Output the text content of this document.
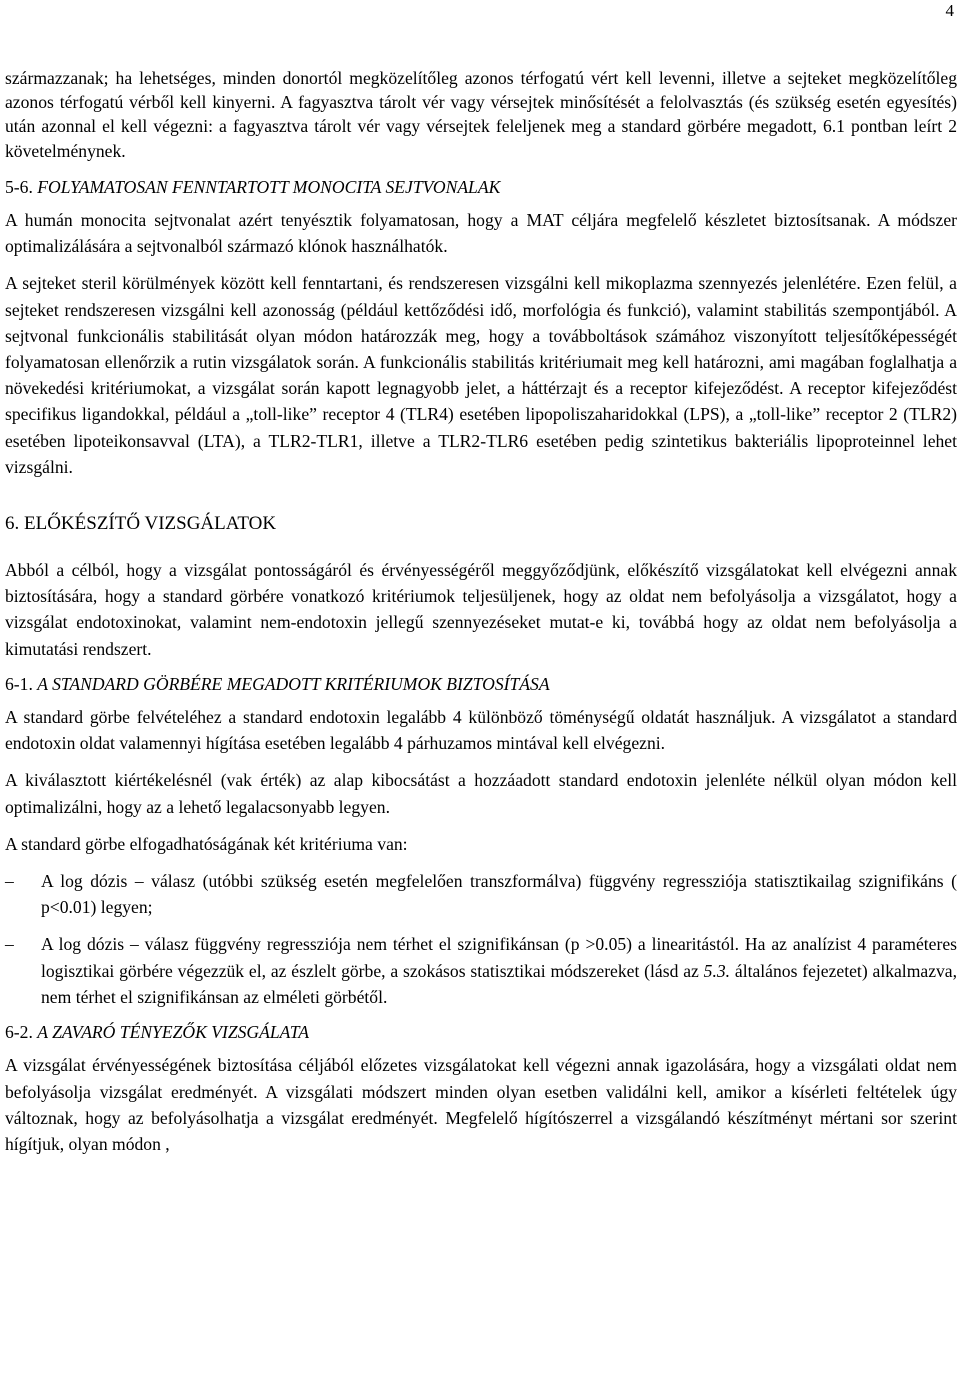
4

származzanak; ha lehetséges, minden donortól megközelítőleg azonos térfogatú vért kell levenni, illetve a sejteket megközelítőleg azonos térfogatú vérből kell kinyerni. A fagyasztva tárolt vér vagy vérsejtek minősítését a felolvasztás (és szükség esetén egyesítés) után azonnal el kell végezni: a fagyasztva tárolt vér vagy vérsejtek feleljenek meg a standard görbére megadott, 6.1 pontban leírt 2 követelménynek.

5-6. FOLYAMATOSAN FENNTARTOTT MONOCITA SEJTVONALAK

A humán monocita sejtvonalat azért tenyésztik folyamatosan, hogy a MAT céljára megfelelő készletet biztosítsanak. A módszer optimalizálására a sejtvonalból származó klónok használhatók.

A sejteket steril körülmények között kell fenntartani, és rendszeresen vizsgálni kell mikoplazma szennyezés jelenlétére. Ezen felül, a sejteket rendszeresen vizsgálni kell azonosság (például kettőződési idő, morfológia és funkció), valamint stabilitás szempontjából. A sejtvonal funkcionális stabilitását olyan módon határozzák meg, hogy a továbboltások számához viszonyított teljesítőképességét folyamatosan ellenőrzik a rutin vizsgálatok során. A funkcionális stabilitás kritériumait meg kell határozni, ami magában foglalhatja a növekedési kritériumokat, a vizsgálat során kapott legnagyobb jelet, a háttérzajt és a receptor kifejeződést. A receptor kifejeződést specifikus ligandokkal, például a „toll-like” receptor 4 (TLR4) esetében lipopoliszaharidokkal (LPS), a „toll-like” receptor 2 (TLR2) esetében lipoteikonsavval (LTA), a TLR2-TLR1, illetve a TLR2-TLR6 esetében pedig szintetikus bakteriális lipoproteinnel lehet vizsgálni.

6. ELŐKÉSZÍTŐ VIZSGÁLATOK

Abból a célból, hogy a vizsgálat pontosságáról és érvényességéről meggyőződjünk, előkészítő vizsgálatokat kell elvégezni annak biztosítására, hogy a standard görbére vonatkozó kritériumok teljesüljenek, hogy az oldat nem befolyásolja a vizsgálatot, hogy a vizsgálat endotoxinokat, valamint nem-endotoxin jellegű szennyezéseket mutat-e ki, továbbá hogy az oldat nem befolyásolja a kimutatási rendszert.

6-1. A STANDARD GÖRBÉRE MEGADOTT KRITÉRIUMOK BIZTOSÍTÁSA

A standard görbe felvételéhez a standard endotoxin legalább 4 különböző töménységű oldatát használjuk. A vizsgálatot a standard endotoxin oldat valamennyi hígítása esetében legalább 4 párhuzamos mintával kell elvégezni.

A kiválasztott kiértékelésnél (vak érték) az alap kibocsátást a hozzáadott standard endotoxin jelenléte nélkül olyan módon kell optimalizálni, hogy az a lehető legalacsonyabb legyen.

A standard görbe elfogadhatóságának két kritériuma van:

– A log dózis – válasz (utóbbi szükség esetén megfelelően transzformálva) függvény regressziója statisztikailag szignifikáns ( p<0.01) legyen;
– A log dózis – válasz függvény regressziója nem térhet el szignifikánsan (p >0.05) a linearitástól. Ha az analízist 4 paraméteres logisztikai görbére végezzük el, az észlelt görbe, a szokásos statisztikai módszereket (lásd az 5.3. általános fejezetet) alkalmazva, nem térhet el szignifikánsan az elméleti görbétől.

6-2. A ZAVARÓ TÉNYEZŐK VIZSGÁLATA

A vizsgálat érvényességének biztosítása céljából előzetes vizsgálatokat kell végezni annak igazolására, hogy a vizsgálati oldat nem befolyásolja vizsgálat eredményét. A vizsgálati módszert minden olyan esetben validálni kell, amikor a kísérleti feltételek úgy változnak, hogy az befolyásolhatja a vizsgálat eredményét. Megfelelő hígítószerrel a vizsgálandó készítményt mértani sor szerint hígítjuk, olyan módon ,
